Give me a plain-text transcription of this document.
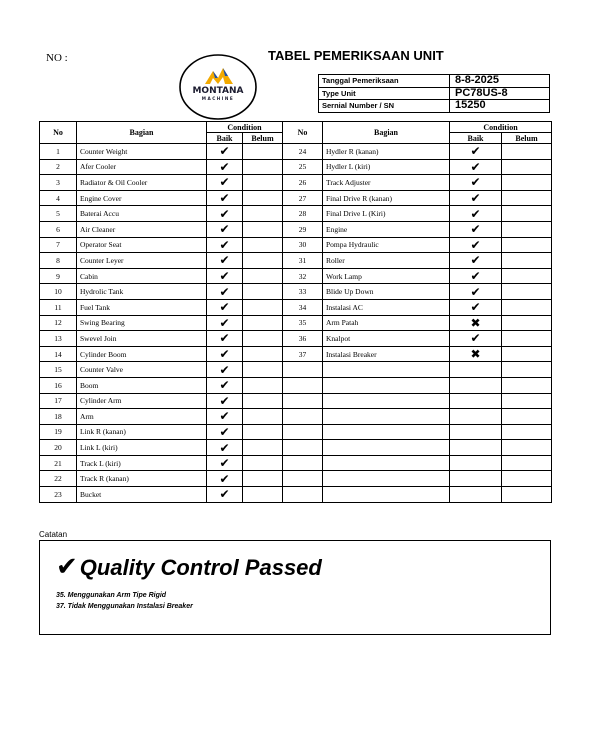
NO :	TABEL PEMERIKSAAN UNIT
MONTANA
MACHINE
Tanggal Pemeriksaan	8-8-2025
Type Unit	PC78US-8
Sernial Number / SN	15250
No	Bagian	Condition		No	Bagian	Condition	
		Baik	Belum			Baik	Belum
1	Counter Weight	✔		24	Hydler R (kanan)	✔	
2	Afer Cooler	✔		25	Hydler L (kiri)	✔	
3	Radiator & Oil Cooler	✔		26	Track Adjuster	✔	
4	Engine Cover	✔		27	Final Drive R (kanan)	✔	
5	Baterai Accu	✔		28	Final Drive L (Kiri)	✔	
6	Air Cleaner	✔		29	Engine	✔	
7	Operator Seat	✔		30	Pompa Hydraulic	✔	
8	Counter Leyer	✔		31	Roller	✔	
9	Cabin	✔		32	Work Lamp	✔	
10	Hydrolic Tank	✔		33	Blide Up Down	✔	
11	Fuel Tank	✔		34	Instalasi AC	✔	
12	Swing Bearing	✔		35	Arm Patah	✖	
13	Swevel Join	✔		36	Knalpot	✔	
14	Cylinder Boom	✔		37	Instalasi Breaker	✖	
15	Counter Valve	✔					
16	Boom	✔					
17	Cylinder Arm	✔					
18	Arm	✔					
19	Link R (kanan)	✔					
20	Link L (kiri)	✔					
21	Track L (kiri)	✔					
22	Track R (kanan)	✔					
23	Bucket	✔					
Catatan
✔Quality Control Passed
35. Menggunakan Arm Tipe Rigid
37. Tidak Menggunakan Instalasi Breaker
